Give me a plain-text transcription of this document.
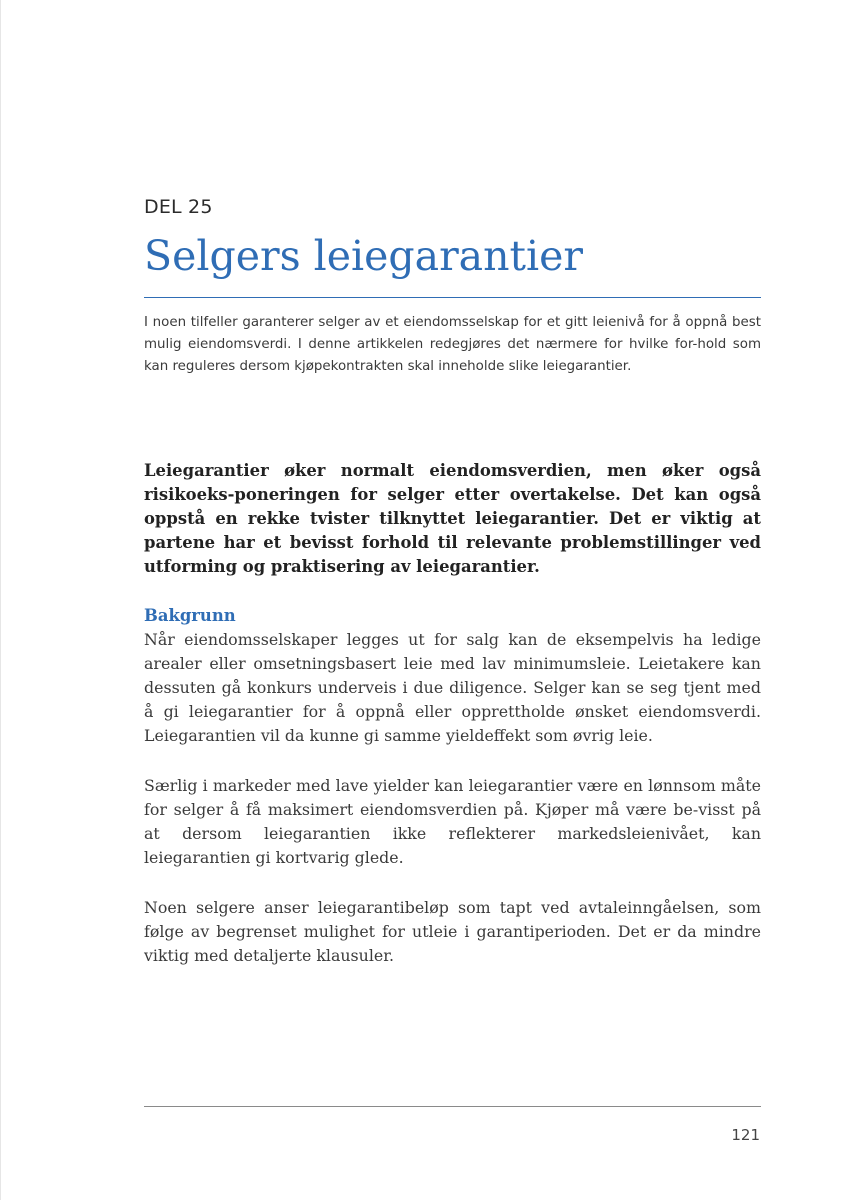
DEL 25
Selgers leiegarantier

I noen tilfeller garanterer selger av et eiendomsselskap for et gitt leienivå for å oppnå best mulig eiendomsverdi. I denne artikkelen redegjøres det nærmere for hvilke for-hold som kan reguleres dersom kjøpekontrakten skal inneholde slike leiegarantier.

Leiegarantier øker normalt eiendomsverdien, men øker også risikoeks-poneringen for selger etter overtakelse. Det kan også oppstå en rekke tvister tilknyttet leiegarantier. Det er viktig at partene har et bevisst forhold til relevante problemstillinger ved utforming og praktisering av leiegarantier.

Bakgrunn

Når eiendomsselskaper legges ut for salg kan de eksempelvis ha ledige arealer eller omsetningsbasert leie med lav minimumsleie. Leietakere kan dessuten gå konkurs underveis i due diligence. Selger kan se seg tjent med å gi leiegarantier for å oppnå eller opprettholde ønsket eiendomsverdi. Leiegarantien vil da kunne gi samme yieldeffekt som øvrig leie.

Særlig i markeder med lave yielder kan leiegarantier være en lønnsom måte for selger å få maksimert eiendomsverdien på. Kjøper må være be-visst på at dersom leiegarantien ikke reflekterer markedsleienivået, kan leiegarantien gi kortvarig glede.

Noen selgere anser leiegarantibeløp som tapt ved avtaleinngåelsen, som følge av begrenset mulighet for utleie i garantiperioden. Det er da mindre viktig med detaljerte klausuler.

121
